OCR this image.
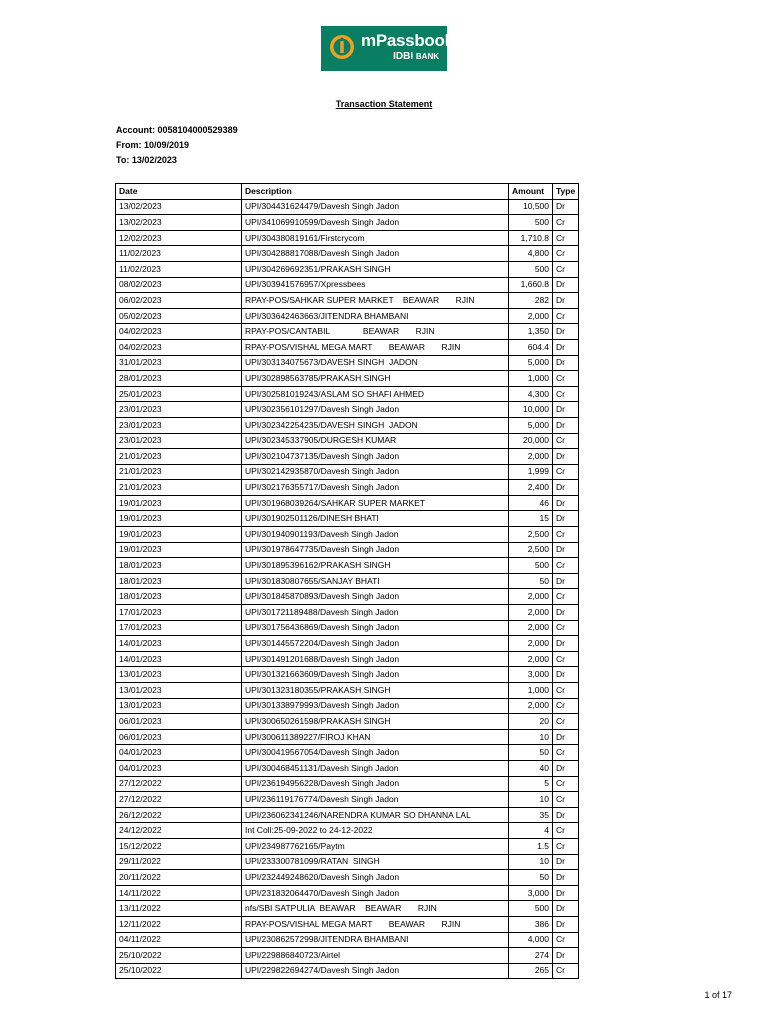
mPassbook
IDBI BANK
Transaction Statement
Account: 0058104000529389
From: 10/09/2019
To: 13/02/2023
Date	Description	Amount	Type
13/02/2023	UPI/304431624479/Davesh Singh Jadon	10,500	Dr
13/02/2023	UPI/341069910599/Davesh Singh Jadon	500	Cr
12/02/2023	UPI/304380819161/Firstcrycom	1,710.8	Cr
11/02/2023	UPI/304288817088/Davesh Singh Jadon	4,800	Cr
11/02/2023	UPI/304269692351/PRAKASH SINGH	500	Cr
08/02/2023	UPI/303941576957/Xpressbees	1,660.8	Dr
06/02/2023	RPAY-POS/SAHKAR SUPER MARKET    BEAWAR       RJIN	282	Dr
05/02/2023	UPI/303642463663/JITENDRA BHAMBANI	2,000	Cr
04/02/2023	RPAY-POS/CANTABIL              BEAWAR       RJIN	1,350	Dr
04/02/2023	RPAY-POS/VISHAL MEGA MART       BEAWAR       RJIN	604.4	Dr
31/01/2023	UPI/303134075673/DAVESH SINGH  JADON	5,000	Dr
28/01/2023	UPI/302898563785/PRAKASH SINGH	1,000	Cr
25/01/2023	UPI/302581019243/ASLAM SO SHAFI AHMED	4,300	Cr
23/01/2023	UPI/302356101297/Davesh Singh Jadon	10,000	Dr
23/01/2023	UPI/302342254235/DAVESH SINGH  JADON	5,000	Dr
23/01/2023	UPI/302345337905/DURGESH KUMAR	20,000	Cr
21/01/2023	UPI/302104737135/Davesh Singh Jadon	2,000	Dr
21/01/2023	UPI/302142935870/Davesh Singh Jadon	1,999	Cr
21/01/2023	UPI/302176355717/Davesh Singh Jadon	2,400	Dr
19/01/2023	UPI/301968039264/SAHKAR SUPER MARKET	46	Dr
19/01/2023	UPI/301902501126/DINESH BHATI	15	Dr
19/01/2023	UPI/301940901193/Davesh Singh Jadon	2,500	Cr
19/01/2023	UPI/301978647735/Davesh Singh Jadon	2,500	Dr
18/01/2023	UPI/301895396162/PRAKASH SINGH	500	Cr
18/01/2023	UPI/301830807655/SANJAY BHATI	50	Dr
18/01/2023	UPI/301845870893/Davesh Singh Jadon	2,000	Cr
17/01/2023	UPI/301721189488/Davesh Singh Jadon	2,000	Dr
17/01/2023	UPI/301756436869/Davesh Singh Jadon	2,000	Cr
14/01/2023	UPI/301445572204/Davesh Singh Jadon	2,000	Dr
14/01/2023	UPI/301491201688/Davesh Singh Jadon	2,000	Cr
13/01/2023	UPI/301321663609/Davesh Singh Jadon	3,000	Dr
13/01/2023	UPI/301323180355/PRAKASH SINGH	1,000	Cr
13/01/2023	UPI/301338979993/Davesh Singh Jadon	2,000	Cr
06/01/2023	UPI/300650261598/PRAKASH SINGH	20	Cr
06/01/2023	UPI/300611389227/FIROJ KHAN	10	Dr
04/01/2023	UPI/300419567054/Davesh Singh Jadon	50	Cr
04/01/2023	UPI/300468451131/Davesh Singh Jadon	40	Dr
27/12/2022	UPI/236194956228/Davesh Singh Jadon	5	Cr
27/12/2022	UPI/236119176774/Davesh Singh Jadon	10	Cr
26/12/2022	UPI/236062341246/NARENDRA KUMAR SO DHANNA LAL	35	Dr
24/12/2022	Int Coll:25-09-2022 to 24-12-2022	4	Cr
15/12/2022	UPI/234987762165/Paytm	1.5	Cr
29/11/2022	UPI/233300781099/RATAN  SINGH	10	Dr
20/11/2022	UPI/232449248620/Davesh Singh Jadon	50	Dr
14/11/2022	UPI/231832064470/Davesh Singh Jadon	3,000	Dr
13/11/2022	nfs/SBI SATPULIA  BEAWAR    BEAWAR       RJIN	500	Dr
12/11/2022	RPAY-POS/VISHAL MEGA MART       BEAWAR       RJIN	386	Dr
04/11/2022	UPI/230862572998/JITENDRA BHAMBANI	4,000	Cr
25/10/2022	UPI/229886840723/Airtel	274	Dr
25/10/2022	UPI/229822694274/Davesh Singh Jadon	265	Cr
1 of 17
